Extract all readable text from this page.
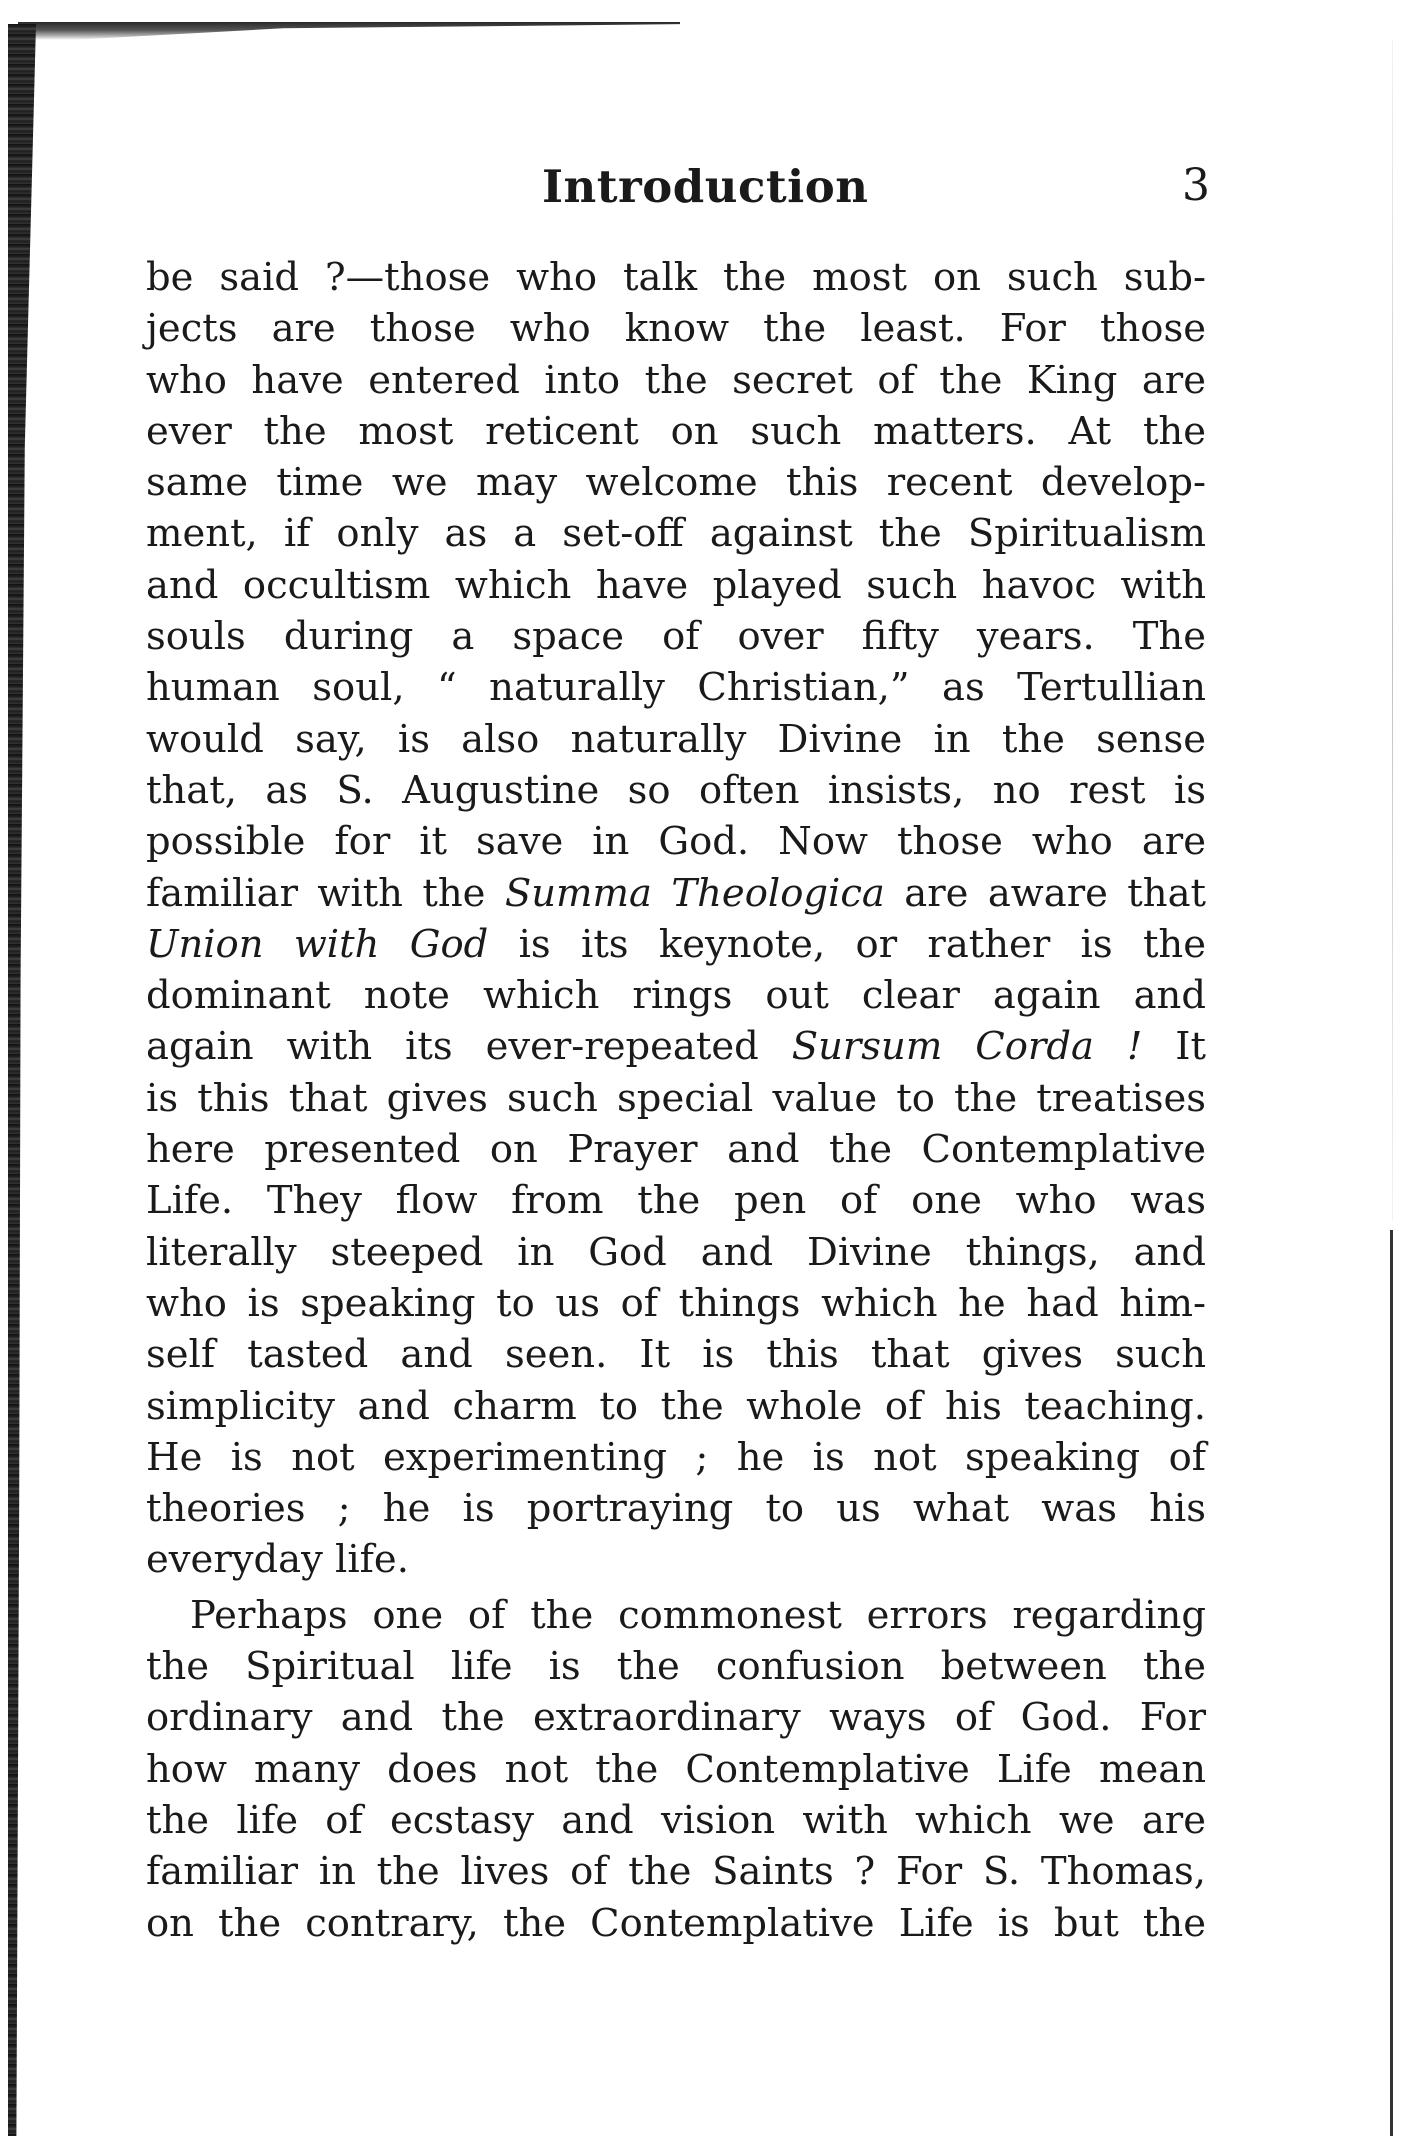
Introduction	3
be said ?—those who talk the most on such sub-
jects are those who know the least. For those
who have entered into the secret of the King are
ever the most reticent on such matters. At the
same time we may welcome this recent develop-
ment, if only as a set-off against the Spiritualism
and occultism which have played such havoc with
souls during a space of over fifty years. The
human soul, “ naturally Christian,” as Tertullian
would say, is also naturally Divine in the sense
that, as S. Augustine so often insists, no rest is
possible for it save in God. Now those who are
familiar with the Summa Theologica are aware that
Union with God is its keynote, or rather is the
dominant note which rings out clear again and
again with its ever-repeated Sursum Corda ! It
is this that gives such special value to the treatises
here presented on Prayer and the Contemplative
Life. They flow from the pen of one who was
literally steeped in God and Divine things, and
who is speaking to us of things which he had him-
self tasted and seen. It is this that gives such
simplicity and charm to the whole of his teaching.
He is not experimenting ; he is not speaking of
theories ; he is portraying to us what was his
everyday life.
Perhaps one of the commonest errors regarding
the Spiritual life is the confusion between the
ordinary and the extraordinary ways of God. For
how many does not the Contemplative Life mean
the life of ecstasy and vision with which we are
familiar in the lives of the Saints ? For S. Thomas,
on the contrary, the Contemplative Life is but the
